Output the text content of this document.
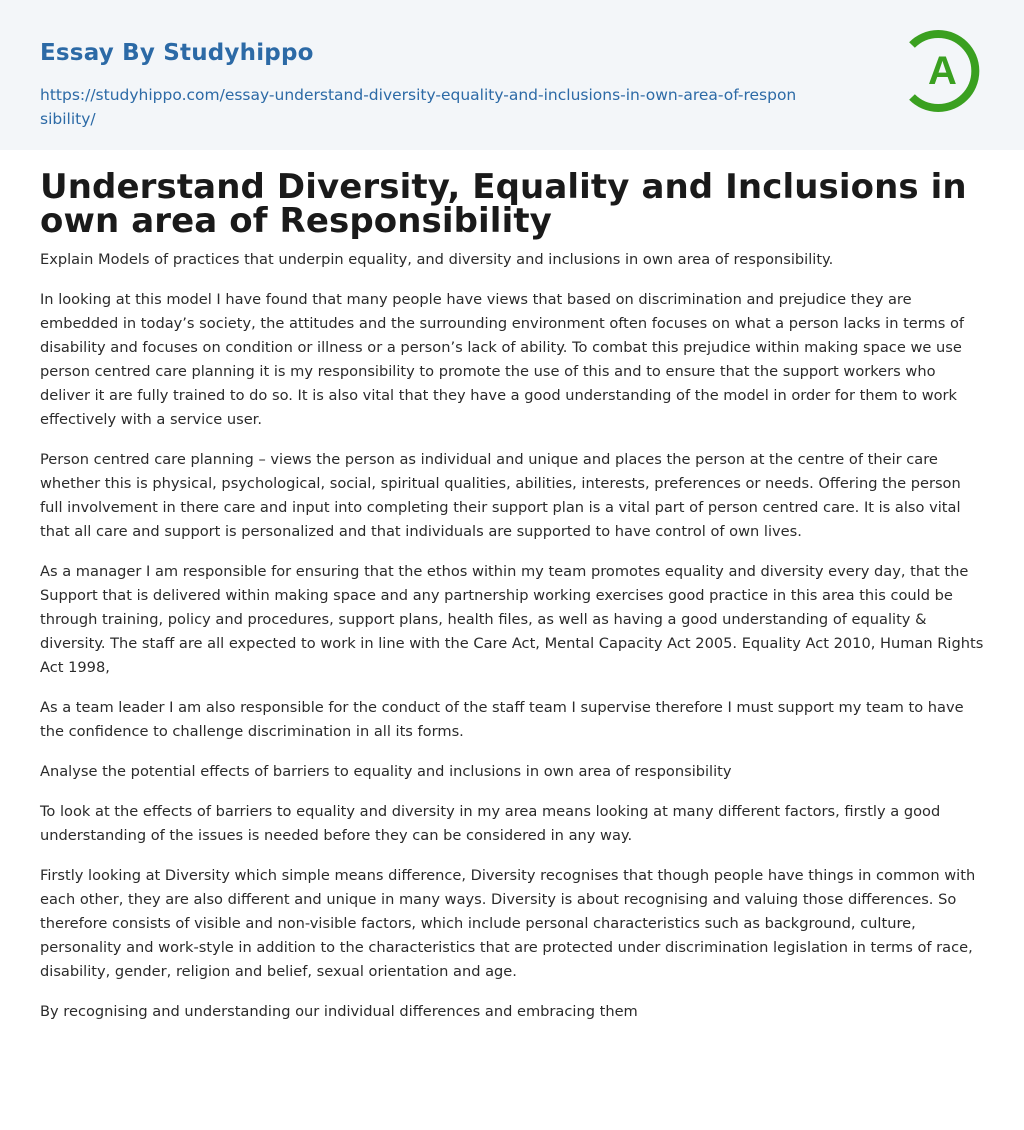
Essay By Studyhippo
https://studyhippo.com/essay-understand-diversity-equality-and-inclusions-in-own-area-of-responsibility/
A
Understand Diversity, Equality and Inclusions in own area of Responsibility

Explain Models of practices that underpin equality, and diversity and inclusions in own area of responsibility.

In looking at this model I have found that many people have views that based on discrimination and prejudice they are embedded in today’s society, the attitudes and the surrounding environment often focuses on what a person lacks in terms of disability and focuses on condition or illness or a person’s lack of ability. To combat this prejudice within making space we use person centred care planning it is my responsibility to promote the use of this and to ensure that the support workers who deliver it are fully trained to do so. It is also vital that they have a good understanding of the model in order for them to work effectively with a service user.

Person centred care planning – views the person as individual and unique and places the person at the centre of their care whether this is physical, psychological, social, spiritual qualities, abilities, interests, preferences or needs. Offering the person full involvement in there care and input into completing their support plan is a vital part of person centred care. It is also vital that all care and support is personalized and that individuals are supported to have control of own lives.

As a manager I am responsible for ensuring that the ethos within my team promotes equality and diversity every day, that the Support that is delivered within making space and any partnership working exercises good practice in this area this could be through training, policy and procedures, support plans, health files, as well as having a good understanding of equality & diversity. The staff are all expected to work in line with the Care Act, Mental Capacity Act 2005. Equality Act 2010, Human Rights Act 1998,

As a team leader I am also responsible for the conduct of the staff team I supervise therefore I must support my team to have the confidence to challenge discrimination in all its forms.

Analyse the potential effects of barriers to equality and inclusions in own area of responsibility

To look at the effects of barriers to equality and diversity in my area means looking at many different factors, firstly a good understanding of the issues is needed before they can be considered in any way.

Firstly looking at Diversity which simple means difference, Diversity recognises that though people have things in common with each other, they are also different and unique in many ways. Diversity is about recognising and valuing those differences. So therefore consists of visible and non-visible factors, which include personal characteristics such as background, culture, personality and work-style in addition to the characteristics that are protected under discrimination legislation in terms of race, disability, gender, religion and belief, sexual orientation and age.

By recognising and understanding our individual differences and embracing them
